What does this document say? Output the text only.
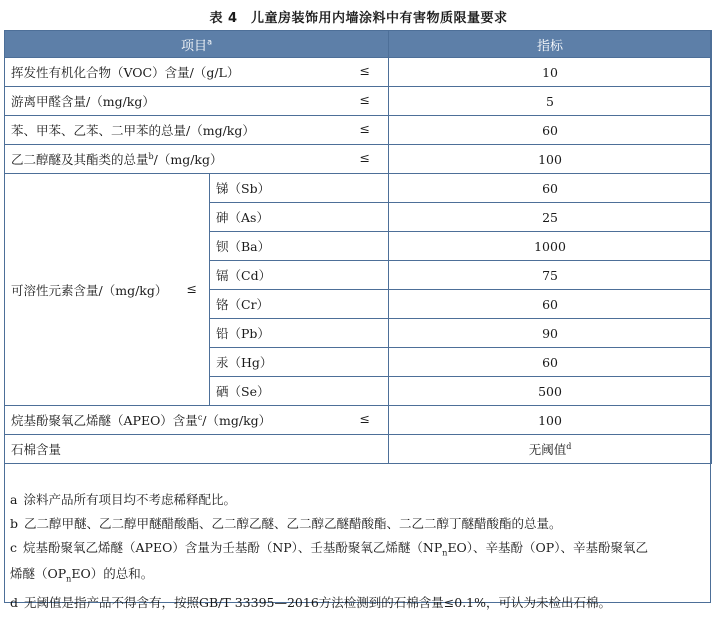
表 4　儿童房装饰用内墙涂料中有害物质限量要求
项目$^a$		指标
挥发性有机化合物（VOC）含量/（g/L） ≤		10
游离甲醛含量/（mg/kg） ≤		5
苯、甲苯、乙苯、二甲苯的总量/（mg/kg） ≤		60
乙二醇醚及其酯类的总量$^b$/（mg/kg） ≤		100
可溶性元素含量/（mg/kg） ≤	锑（Sb）	60
	砷（As）	25
	钡（Ba）	1000
	镉（Cd）	75
	铬（Cr）	60
	铅（Pb）	90
	汞（Hg）	60
	硒（Se）	500
烷基酚聚氧乙烯醚（APEO）含量$^c$/（mg/kg） ≤		100
石棉含量		无阈值$^d$
a 涂料产品所有项目均不考虑稀释配比。
b 乙二醇甲醚、乙二醇甲醚醋酸酯、乙二醇乙醚、乙二醇乙醚醋酸酯、二乙二醇丁醚醋酸酯的总量。
c 烷基酚聚氧乙烯醚（APEO）含量为壬基酚（NP）、壬基酚聚氧乙烯醚$(NP_nEO)$、辛基酚（OP）、辛基酚聚氧乙
烯醚$(OP_nEO)$的总和。
d 无阈值是指产品不得含有，按照GB/T 33395—2016方法检测到的石棉含量≤0.1%，可认为未检出石棉。
